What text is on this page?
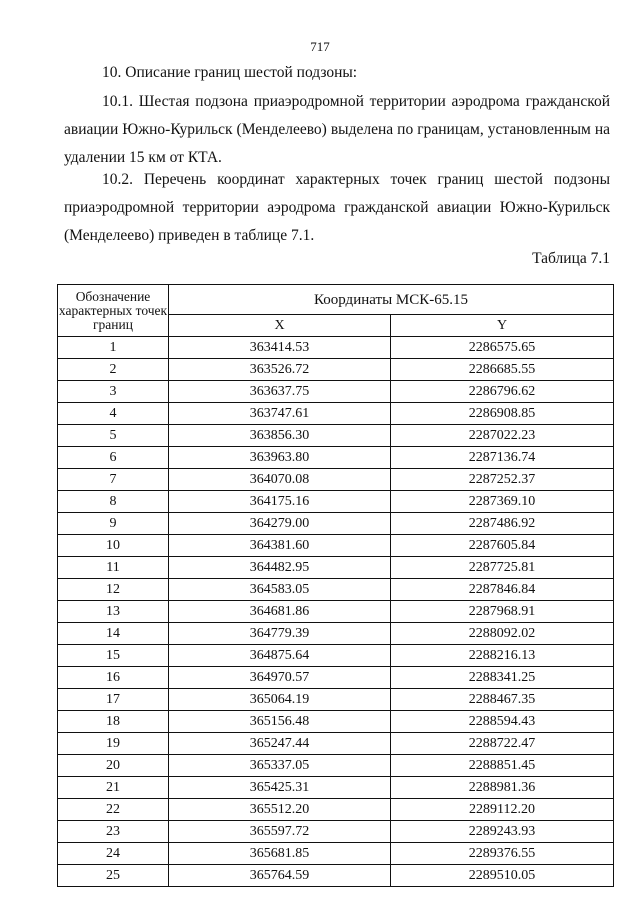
717
10. Описание границ шестой подзоны:
10.1. Шестая подзона приаэродромной территории аэродрома гражданской авиации Южно-Курильск (Менделеево) выделена по границам, установленным на удалении 15 км от КТА.
10.2. Перечень координат характерных точек границ шестой подзоны приаэродромной территории аэродрома гражданской авиации Южно-Курильск (Менделеево) приведен в таблице 7.1.
Таблица 7.1
Обозначение характерных точек границ	Координаты МСК-65.15	
	X	Y
1	363414.53	2286575.65
2	363526.72	2286685.55
3	363637.75	2286796.62
4	363747.61	2286908.85
5	363856.30	2287022.23
6	363963.80	2287136.74
7	364070.08	2287252.37
8	364175.16	2287369.10
9	364279.00	2287486.92
10	364381.60	2287605.84
11	364482.95	2287725.81
12	364583.05	2287846.84
13	364681.86	2287968.91
14	364779.39	2288092.02
15	364875.64	2288216.13
16	364970.57	2288341.25
17	365064.19	2288467.35
18	365156.48	2288594.43
19	365247.44	2288722.47
20	365337.05	2288851.45
21	365425.31	2288981.36
22	365512.20	2289112.20
23	365597.72	2289243.93
24	365681.85	2289376.55
25	365764.59	2289510.05
